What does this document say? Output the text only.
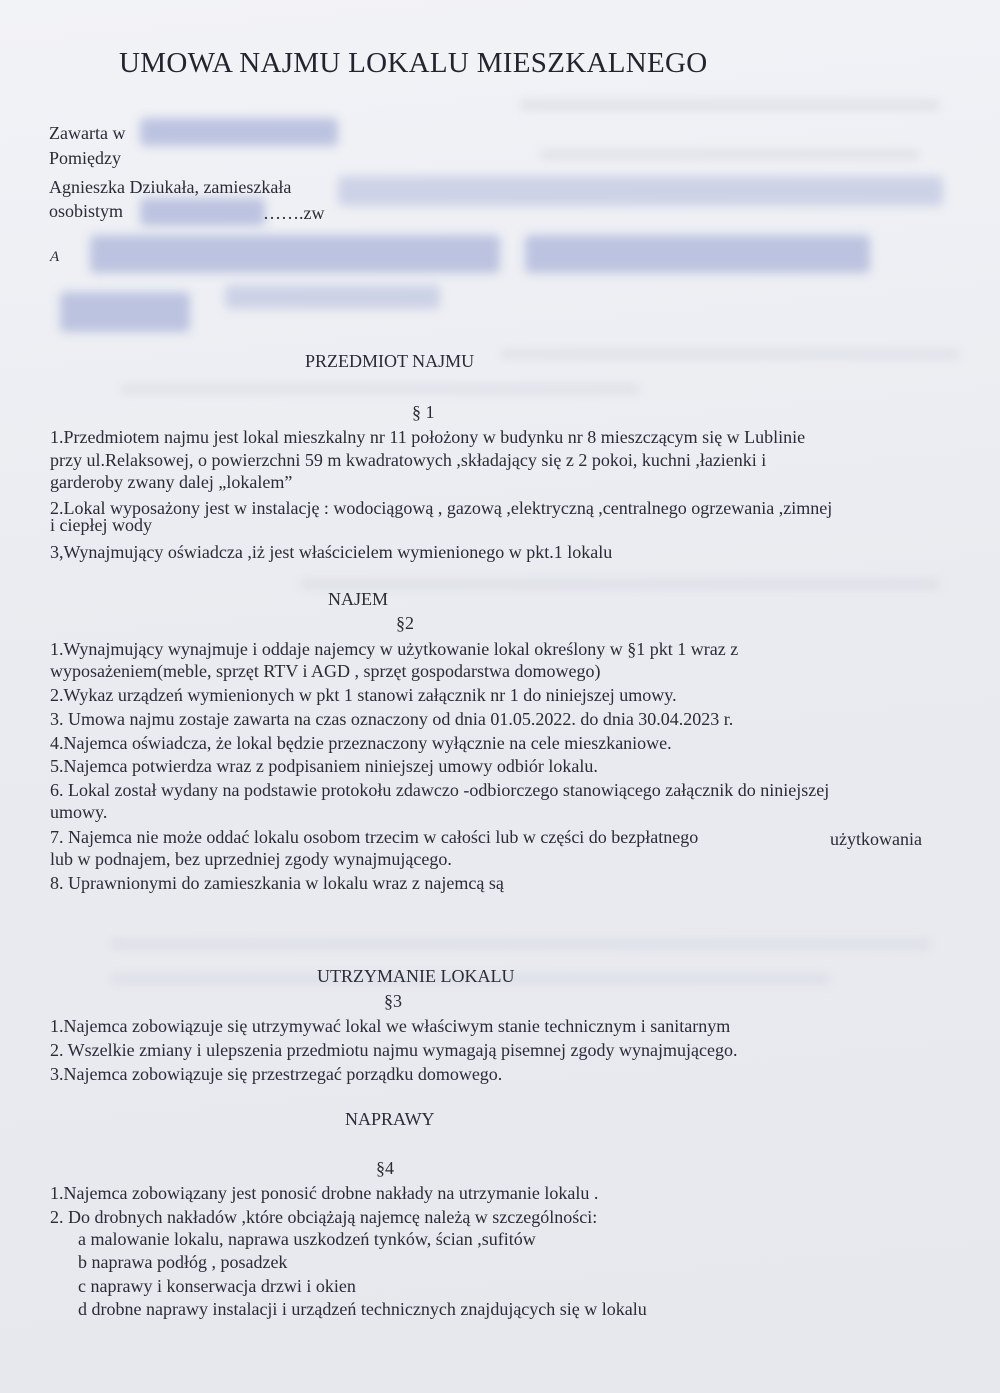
UMOWA NAJMU LOKALU MIESZKALNEGO
Zawarta w
Pomiędzy
Agnieszka Dziukała, zamieszkała
osobistym	…….zw
A
PRZEDMIOT NAJMU
§ 1
1.Przedmiotem najmu jest lokal mieszkalny nr 11 położony w budynku nr 8 mieszczącym się w Lublinie
przy ul.Relaksowej, o powierzchni 59 m kwadratowych ,składający się z 2 pokoi, kuchni ,łazienki i
garderoby zwany dalej „lokalem”
2.Lokal wyposażony jest w instalację : wodociągową , gazową ,elektryczną ,centralnego ogrzewania ,zimnej
i ciepłej wody
3,Wynajmujący oświadcza ,iż jest właścicielem wymienionego w pkt.1 lokalu
NAJEM
§2
1.Wynajmujący wynajmuje i oddaje najemcy w użytkowanie lokal określony w §1 pkt 1 wraz z
wyposażeniem(meble, sprzęt RTV i AGD , sprzęt gospodarstwa domowego)
2.Wykaz urządzeń wymienionych w pkt 1 stanowi załącznik nr 1 do niniejszej umowy.
3. Umowa najmu zostaje zawarta na czas oznaczony od dnia 01.05.2022. do dnia 30.04.2023 r.
4.Najemca oświadcza, że lokal będzie przeznaczony wyłącznie na cele mieszkaniowe.
5.Najemca potwierdza wraz z podpisaniem niniejszej umowy odbiór lokalu.
6. Lokal został wydany na podstawie protokołu zdawczo -odbiorczego stanowiącego załącznik do niniejszej
umowy.
7. Najemca nie może oddać lokalu osobom trzecim w całości lub w części do bezpłatnego	użytkowania
lub w podnajem, bez uprzedniej zgody wynajmującego.
8. Uprawnionymi do zamieszkania w lokalu wraz z najemcą są
UTRZYMANIE LOKALU
§3
1.Najemca zobowiązuje się utrzymywać lokal we właściwym stanie technicznym i sanitarnym
2. Wszelkie zmiany i ulepszenia przedmiotu najmu wymagają pisemnej zgody wynajmującego.
3.Najemca zobowiązuje się przestrzegać porządku domowego.
NAPRAWY
§4
1.Najemca zobowiązany jest ponosić drobne nakłady na utrzymanie lokalu .
2. Do drobnych nakładów ,które obciążają najemcę należą w szczególności:
a malowanie lokalu, naprawa uszkodzeń tynków, ścian ,sufitów
b naprawa podłóg , posadzek
c naprawy i konserwacja drzwi i okien
d drobne naprawy instalacji i urządzeń technicznych znajdujących się w lokalu
